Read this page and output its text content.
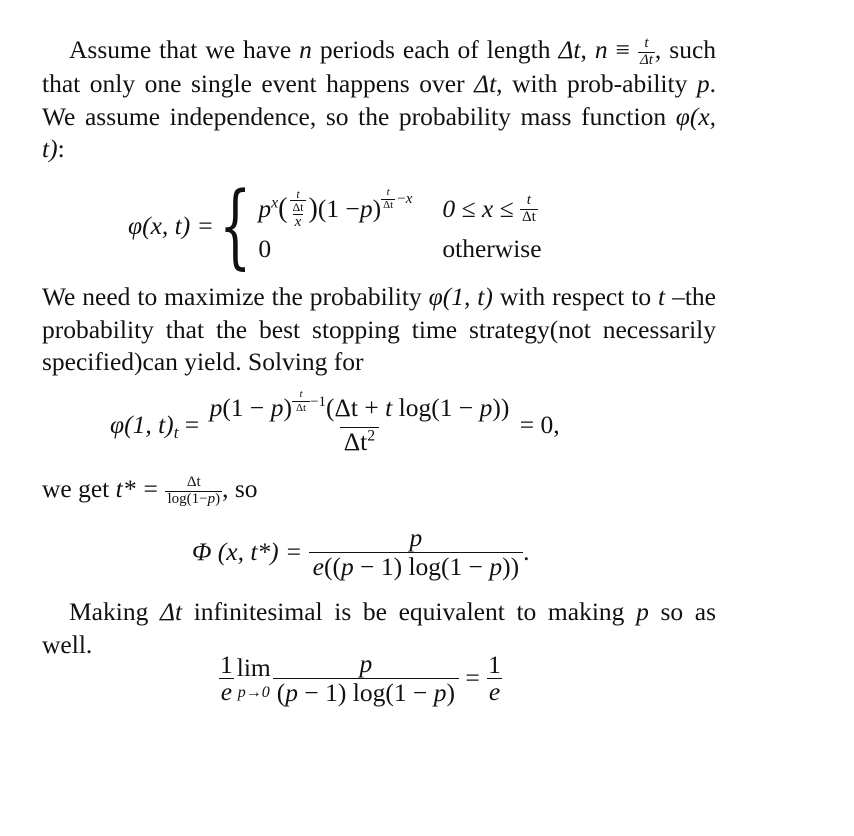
Assume that we have n periods each of length Δt, $n \equiv \frac{t}{\Delta t}$ , such that only one single event happens over Δt, with prob-ability p. We assume independence, so the probability mass function φ(x, t):
φ(x, t) = { $p^x$ ( $\frac{\frac{t}{\Delta t}}{x}$ ) (1 − p ) $^{\frac{t}{\Delta t} -x}$ 0 ≤ x ≤
$\frac{t}{\Delta t}$
0	otherwise
We need to maximize the probability φ(1, t) with respect to t –the probability that the best stopping time strategy(not necessarily specified)can yield. Solving for
φ(1, $t)_t = p(1 - p)$ $^{\frac{t}{\Delta t} -1}$(Δt + t log(1 − p))
$\Delta t^2$
= 0,
we get $t* = \frac{\Delta t}{\log(1-p)}$ , so
Φ (x, t*) =
$\frac{p}{e((p - 1) \log(1 - p))}$ .
Making Δt infinitesimal is be equivalent to making p so as well.
$\frac{1}{e}$ lim
$p\to 0 \frac{p}{(p - 1) \log(1 - p)}$
=
$\frac{1}{e}$
